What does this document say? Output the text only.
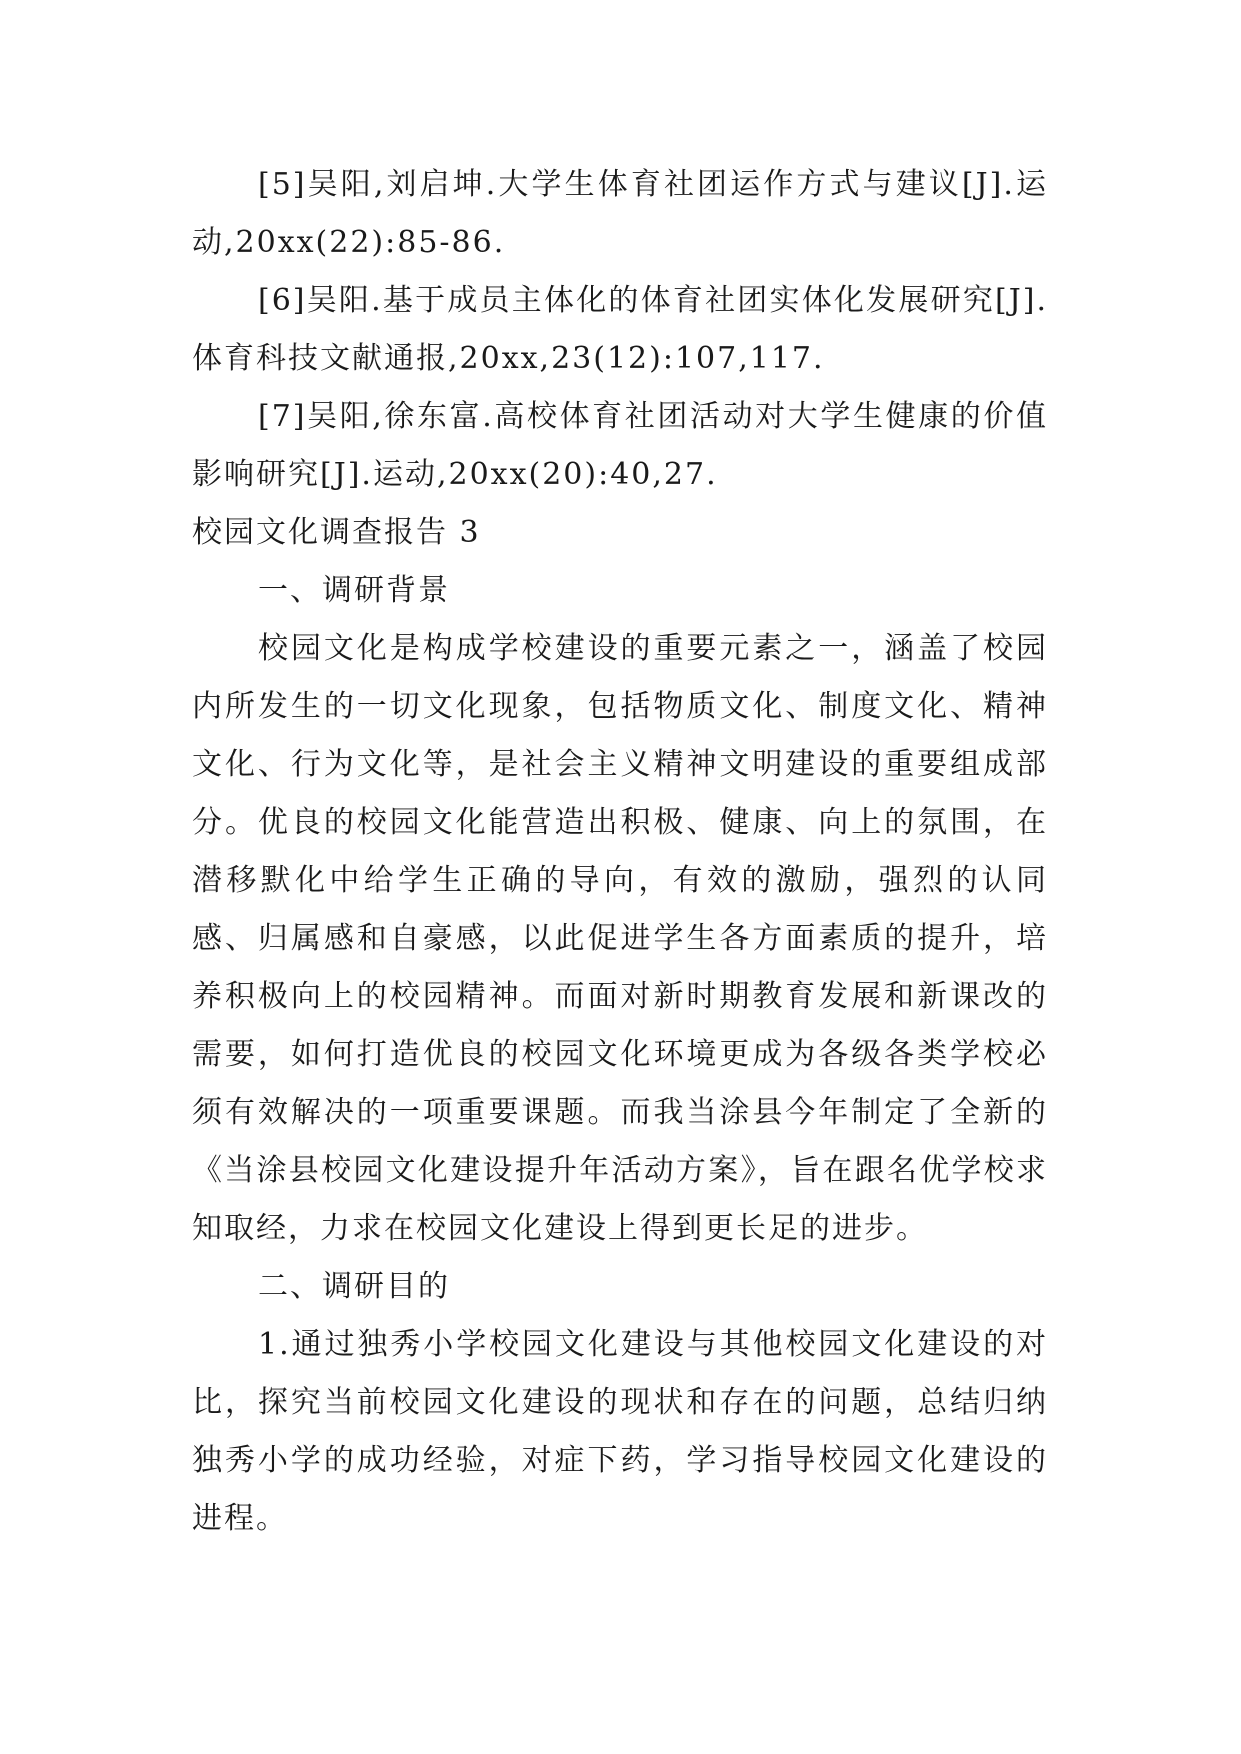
[5]吴阳,刘启坤.大学生体育社团运作方式与建议[J].运动,20xx(22):85-86.

[6]吴阳.基于成员主体化的体育社团实体化发展研究[J].体育科技文献通报,20xx,23(12):107,117.

[7]吴阳,徐东富.高校体育社团活动对大学生健康的价值影响研究[J].运动,20xx(20):40,27.

校园文化调查报告 3

一、调研背景

校园文化是构成学校建设的重要元素之一，涵盖了校园内所发生的一切文化现象，包括物质文化、制度文化、精神文化、行为文化等，是社会主义精神文明建设的重要组成部分。优良的校园文化能营造出积极、健康、向上的氛围，在潜移默化中给学生正确的导向，有效的激励，强烈的认同感、归属感和自豪感，以此促进学生各方面素质的提升，培养积极向上的校园精神。而面对新时期教育发展和新课改的需要，如何打造优良的校园文化环境更成为各级各类学校必须有效解决的一项重要课题。而我当涂县今年制定了全新的《当涂县校园文化建设提升年活动方案》，旨在跟名优学校求知取经，力求在校园文化建设上得到更长足的进步。

二、调研目的

1.通过独秀小学校园文化建设与其他校园文化建设的对比，探究当前校园文化建设的现状和存在的问题，总结归纳独秀小学的成功经验，对症下药，学习指导校园文化建设的进程。
